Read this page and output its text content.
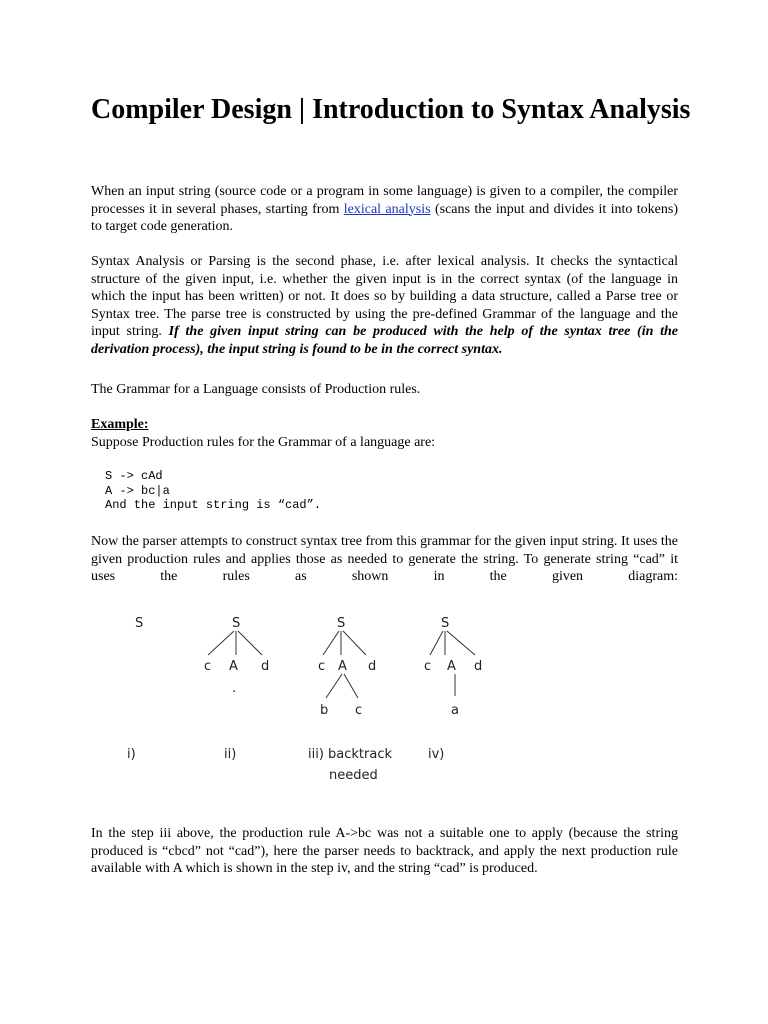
Compiler Design | Introduction to Syntax Analysis

When an input string (source code or a program in some language) is given to a compiler, the compiler processes it in several phases, starting from lexical analysis (scans the input and divides it into tokens) to target code generation.

Syntax Analysis or Parsing is the second phase, i.e. after lexical analysis. It checks the syntactical structure of the given input, i.e. whether the given input is in the correct syntax (of the language in which the input has been written) or not. It does so by building a data structure, called a Parse tree or Syntax tree. The parse tree is constructed by using the pre-defined Grammar of the language and the input string. If the given input string can be produced with the help of the syntax tree (in the derivation process), the input string is found to be in the correct syntax.

The Grammar for a Language consists of Production rules.

Example:
Suppose Production rules for the Grammar of a language are:

S -> cAd
A -> bc|a
And the input string is “cad”.

Now the parser attempts to construct syntax tree from this grammar for the given input string. It uses the given production rules and applies those as needed to generate the string. To generate string “cad” it uses the rules as shown in the given diagram:

S	S
c A d
.
S
c A d
b c
S
c A d
a
i)	ii)	iii) backtrack
needed
iv)

In the step iii above, the production rule A->bc was not a suitable one to apply (because the string produced is “cbcd” not “cad”), here the parser needs to backtrack, and apply the next production rule available with A which is shown in the step iv, and the string “cad” is produced.
